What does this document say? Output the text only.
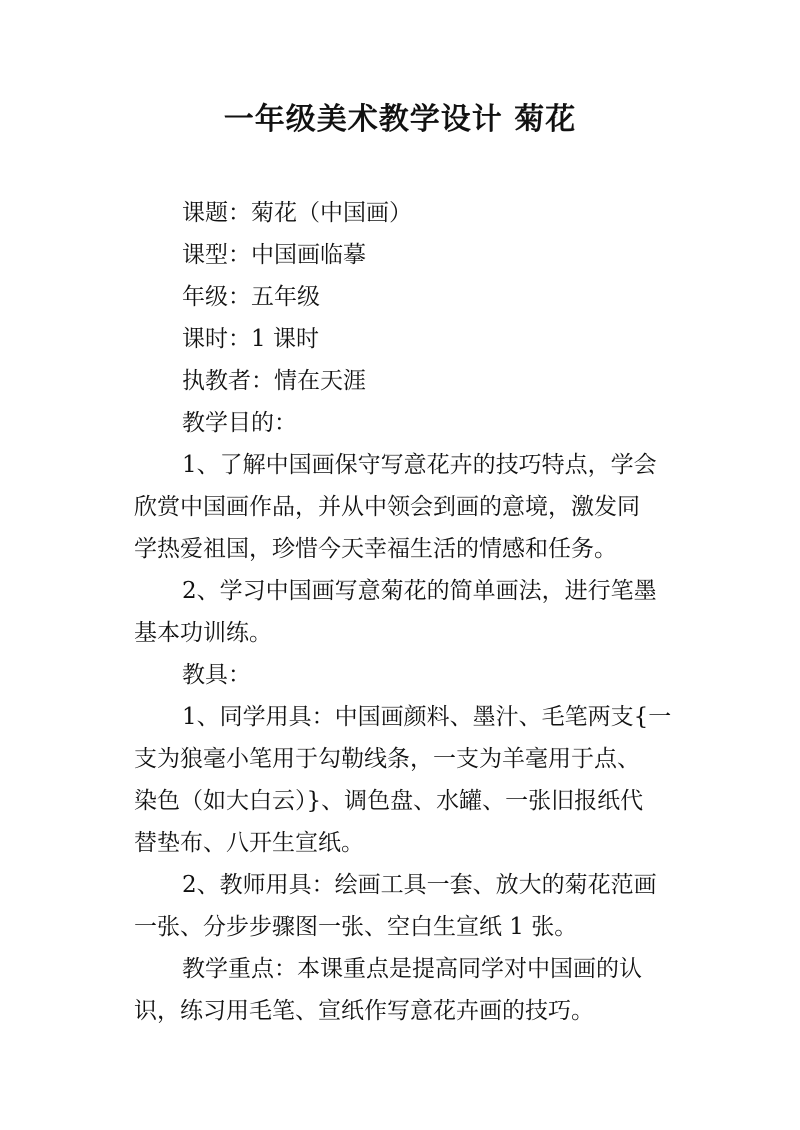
一年级美术教学设计 菊花

课题：菊花（中国画）

课型：中国画临摹

年级：五年级

课时：1 课时

执教者：情在天涯

教学目的：

1、了解中国画保守写意花卉的技巧特点，学会

欣赏中国画作品，并从中领会到画的意境，激发同

学热爱祖国，珍惜今天幸福生活的情感和任务。

2、学习中国画写意菊花的简单画法，进行笔墨

基本功训练。

教具：

1、同学用具：中国画颜料、墨汁、毛笔两支{一

支为狼毫小笔用于勾勒线条，一支为羊毫用于点、

染色（如大白云）}、调色盘、水罐、一张旧报纸代

替垫布、八开生宣纸。

2、教师用具：绘画工具一套、放大的菊花范画

一张、分步步骤图一张、空白生宣纸 1 张。

教学重点：本课重点是提高同学对中国画的认

识，练习用毛笔、宣纸作写意花卉画的技巧。
